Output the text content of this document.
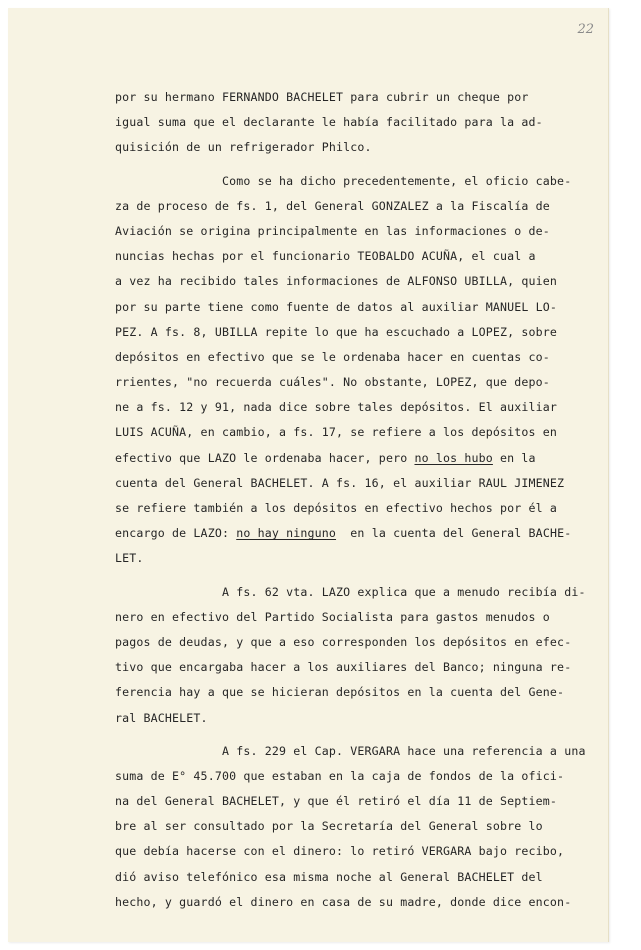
22
por su hermano FERNANDO BACHELET para cubrir un cheque por
igual suma que el declarante le había facilitado para la ad-
quisición de un refrigerador Philco.
Como se ha dicho precedentemente, el oficio cabe-
za de proceso de fs. 1, del General GONZALEZ a la Fiscalía de
Aviación se origina principalmente en las informaciones o de-
nuncias hechas por el funcionario TEOBALDO ACUÑA, el cual a
a vez ha recibido tales informaciones de ALFONSO UBILLA, quien
por su parte tiene como fuente de datos al auxiliar MANUEL LO-
PEZ. A fs. 8, UBILLA repite lo que ha escuchado a LOPEZ, sobre
depósitos en efectivo que se le ordenaba hacer en cuentas co-
rrientes, "no recuerda cuáles". No obstante, LOPEZ, que depo-
ne a fs. 12 y 91, nada dice sobre tales depósitos. El auxiliar
LUIS ACUÑA, en cambio, a fs. 17, se refiere a los depósitos en
efectivo que LAZO le ordenaba hacer, pero no los hubo en la
cuenta del General BACHELET. A fs. 16, el auxiliar RAUL JIMENEZ
se refiere también a los depósitos en efectivo hechos por él a
encargo de LAZO: no hay ninguno  en la cuenta del General BACHE-
LET.
A fs. 62 vta. LAZO explica que a menudo recibía di-
nero en efectivo del Partido Socialista para gastos menudos o
pagos de deudas, y que a eso corresponden los depósitos en efec-
tivo que encargaba hacer a los auxiliares del Banco; ninguna re-
ferencia hay a que se hicieran depósitos en la cuenta del Gene-
ral BACHELET.
A fs. 229 el Cap. VERGARA hace una referencia a una
suma de E° 45.700 que estaban en la caja de fondos de la ofici-
na del General BACHELET, y que él retiró el día 11 de Septiem-
bre al ser consultado por la Secretaría del General sobre lo
que debía hacerse con el dinero: lo retiró VERGARA bajo recibo,
dió aviso telefónico esa misma noche al General BACHELET del
hecho, y guardó el dinero en casa de su madre, donde dice encon-
